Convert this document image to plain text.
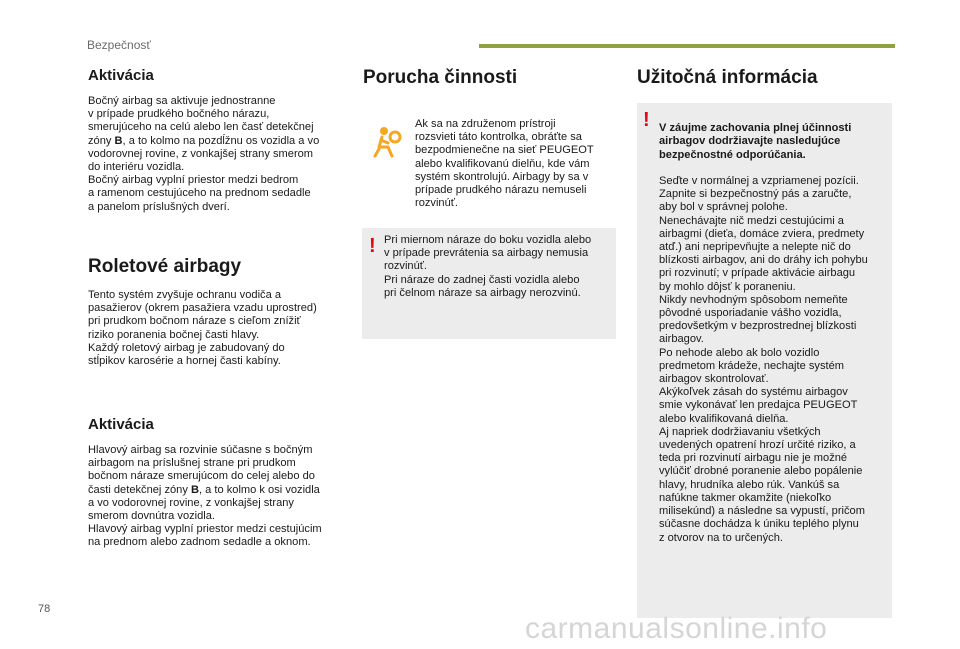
Bezpečnosť
Aktivácia
Bočný airbag sa aktivuje jednostranne
v prípade prudkého bočného nárazu,
smerujúceho na celú alebo len časť detekčnej
zóny B, a to kolmo na pozdĺžnu os vozidla a vo
vodorovnej rovine, z vonkajšej strany smerom
do interiéru vozidla.
Bočný airbag vyplní priestor medzi bedrom
a ramenom cestujúceho na prednom sedadle
a panelom príslušných dverí.
Roletové airbagy
Tento systém zvyšuje ochranu vodiča a
pasažierov (okrem pasažiera vzadu uprostred)
pri prudkom bočnom náraze s cieľom znížiť
riziko poranenia bočnej časti hlavy.
Každý roletový airbag je zabudovaný do
stĺpikov karosérie a hornej časti kabíny.
Aktivácia
Hlavový airbag sa rozvinie súčasne s bočným
airbagom na príslušnej strane pri prudkom
bočnom náraze smerujúcom do celej alebo do
časti detekčnej zóny B, a to kolmo k osi vozidla
a vo vodorovnej rovine, z vonkajšej strany
smerom dovnútra vozidla.
Hlavový airbag vyplní priestor medzi cestujúcim
na prednom alebo zadnom sedadle a oknom.
Porucha činnosti
Ak sa na združenom prístroji
rozsvieti táto kontrolka, obráťte sa
bezpodmienečne na sieť PEUGEOT
alebo kvalifikovanú dielňu, kde vám
systém skontrolujú. Airbagy by sa v
prípade prudkého nárazu nemuseli
rozvinúť.
! Pri miernom náraze do boku vozidla alebo
v prípade prevrátenia sa airbagy nemusia
rozvinúť.
Pri náraze do zadnej časti vozidla alebo
pri čelnom náraze sa airbagy nerozvinú.
Užitočná informácia
! V záujme zachovania plnej účinnosti
airbagov dodržiavajte nasledujúce
bezpečnostné odporúčania.

Seďte v normálnej a vzpriamenej pozícii.
Zapnite si bezpečnostný pás a zaručte,
aby bol v správnej polohe.
Nenechávajte nič medzi cestujúcimi a
airbagmi (dieťa, domáce zviera, predmety
atď.) ani nepripevňujte a nelepte nič do
blízkosti airbagov, ani do dráhy ich pohybu
pri rozvinutí; v prípade aktivácie airbagu
by mohlo dôjsť k poraneniu.
Nikdy nevhodným spôsobom nemeňte
pôvodné usporiadanie vášho vozidla,
predovšetkým v bezprostrednej blízkosti
airbagov.
Po nehode alebo ak bolo vozidlo
predmetom krádeže, nechajte systém
airbagov skontrolovať.
Akýkoľvek zásah do systému airbagov
smie vykonávať len predajca PEUGEOT
alebo kvalifikovaná dielňa.
Aj napriek dodržiavaniu všetkých
uvedených opatrení hrozí určité riziko, a
teda pri rozvinutí airbagu nie je možné
vylúčiť drobné poranenie alebo popálenie
hlavy, hrudníka alebo rúk. Vankúš sa
nafúkne takmer okamžite (niekoľko
milisekúnd) a následne sa vypustí, pričom
súčasne dochádza k úniku teplého plynu
z otvorov na to určených.

78
carmanualsonline.info
